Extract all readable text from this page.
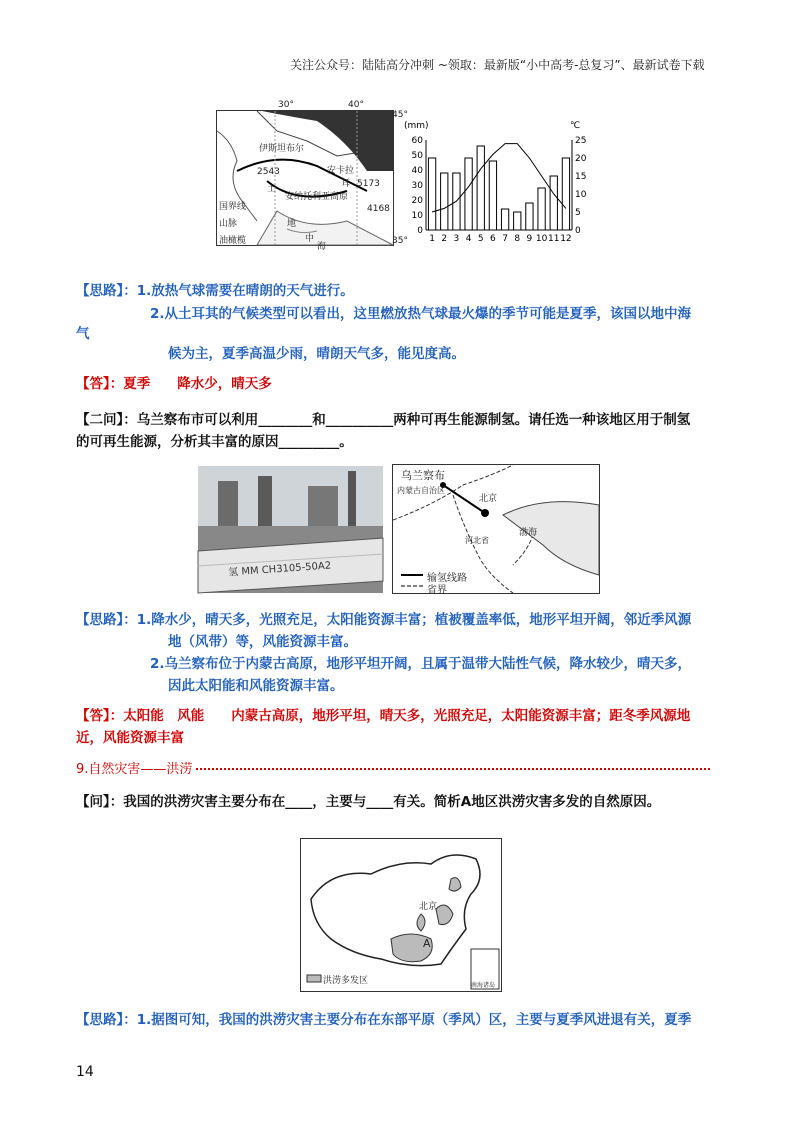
关注公众号：陆陆高分冲刺 ~领取：最新版“小中高考-总复习”、最新试卷下载
伊斯坦布尔
安卡拉
耳
土
安纳托利亚高原
2543
5173
4168
地
中
海
国界线
山脉
油橄榄
30°	40°
45°
35°
(mm)	℃
60
50
40
30
20
10
0
25
20
15
10
5
0
1 2 3 4 5 6 7 8 9 10 11 12
【思路】：1.放热气球需要在晴朗的天气进行。
2.从土耳其的气候类型可以看出，这里燃放热气球最火爆的季节可能是夏季，该国以地中海
气
候为主，夏季高温少雨，晴朗天气多，能见度高。
【答】：夏季　　降水少，晴天多
【二问】：乌兰察布市可以利用________和__________两种可再生能源制氢。请任选一种该地区用于制氢
的可再生能源，分析其丰富的原因_________。
氢 MM CH3105-50A2
乌兰察布
内蒙古自治区
北京
河北省
渤海
输氢线路
省界
【思路】：1.降水少，晴天多，光照充足，太阳能资源丰富；植被覆盖率低，地形平坦开阔，邻近季风源
地（风带）等，风能资源丰富。
2.乌兰察布位于内蒙古高原，地形平坦开阔，且属于温带大陆性气候，降水较少，晴天多，
因此太阳能和风能资源丰富。
【答】：太阳能　风能　　内蒙古高原，地形平坦，晴天多，光照充足，太阳能资源丰富；距冬季风源地
近，风能资源丰富
9.自然灾害——洪涝
【问】：我国的洪涝灾害主要分布在____，主要与____有关。简析A地区洪涝灾害多发的自然原因。
北京
A
洪涝多发区	南海诸岛
【思路】：1.据图可知，我国的洪涝灾害主要分布在东部平原（季风）区，主要与夏季风进退有关，夏季
14
